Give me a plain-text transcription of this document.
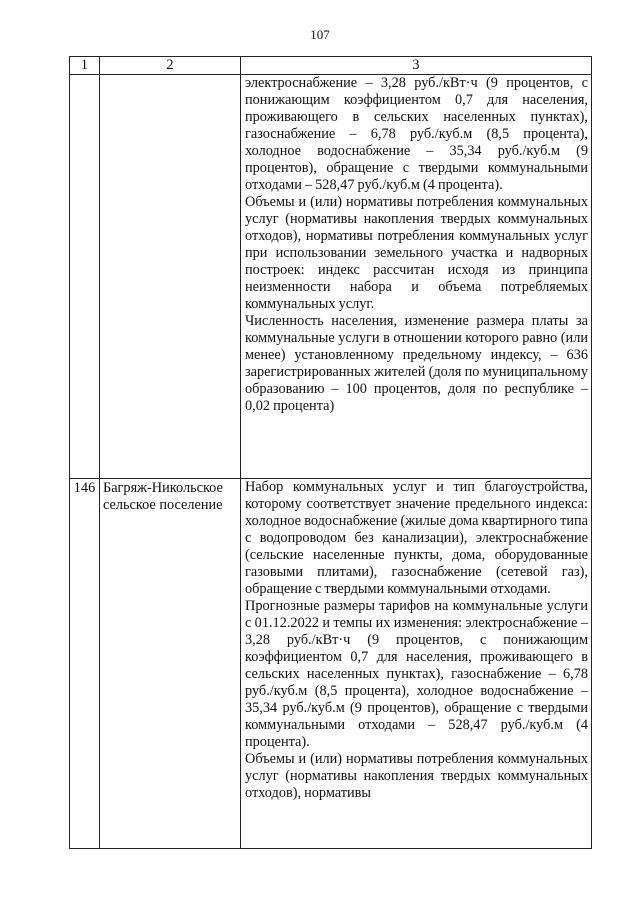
107
1	2	3

		электроснабжение – 3,28 руб./кВт·ч (9 процентов, с понижающим коэффициентом 0,7 для населения, проживающего в сельских населенных пунктах), газоснабжение – 6,78 руб./куб.м (8,5 процента), холодное водоснабжение – 35,34 руб./куб.м (9 процентов), обращение с твердыми коммунальными отходами – 528,47 руб./куб.м (4 процента).

Объемы и (или) нормативы потребления коммунальных услуг (нормативы накопления твердых коммунальных отходов), нормативы потребления коммунальных услуг при использовании земельного участка и надворных построек: индекс рассчитан исходя из принципа неизменности набора и объема потребляемых коммунальных услуг.

Численность населения, изменение размера платы за коммунальные услуги в отношении которого равно (или менее) установленному предельному индексу, – 636 зарегистрированных жителей (доля по муниципальному образованию – 100 процентов, доля по республике – 0,02 процента)

146	Багряж-Никольское сельское поселение	Набор коммунальных услуг и тип благоустройства, которому соответствует значение предельного индекса: холодное водоснабжение (жилые дома квартирного типа с водопроводом без канализации), электроснабжение (сельские населенные пункты, дома, оборудованные газовыми плитами), газоснабжение (сетевой газ), обращение с твердыми коммунальными отходами.

Прогнозные размеры тарифов на коммунальные услуги с 01.12.2022 и темпы их изменения: электроснабжение – 3,28 руб./кВт·ч (9 процентов, с понижающим коэффициентом 0,7 для населения, проживающего в сельских населенных пунктах), газоснабжение – 6,78 руб./куб.м (8,5 процента), холодное водоснабжение – 35,34 руб./куб.м (9 процентов), обращение с твердыми коммунальными отходами – 528,47 руб./куб.м (4 процента).

Объемы и (или) нормативы потребления коммунальных услуг (нормативы накопления твердых коммунальных отходов), нормативы
